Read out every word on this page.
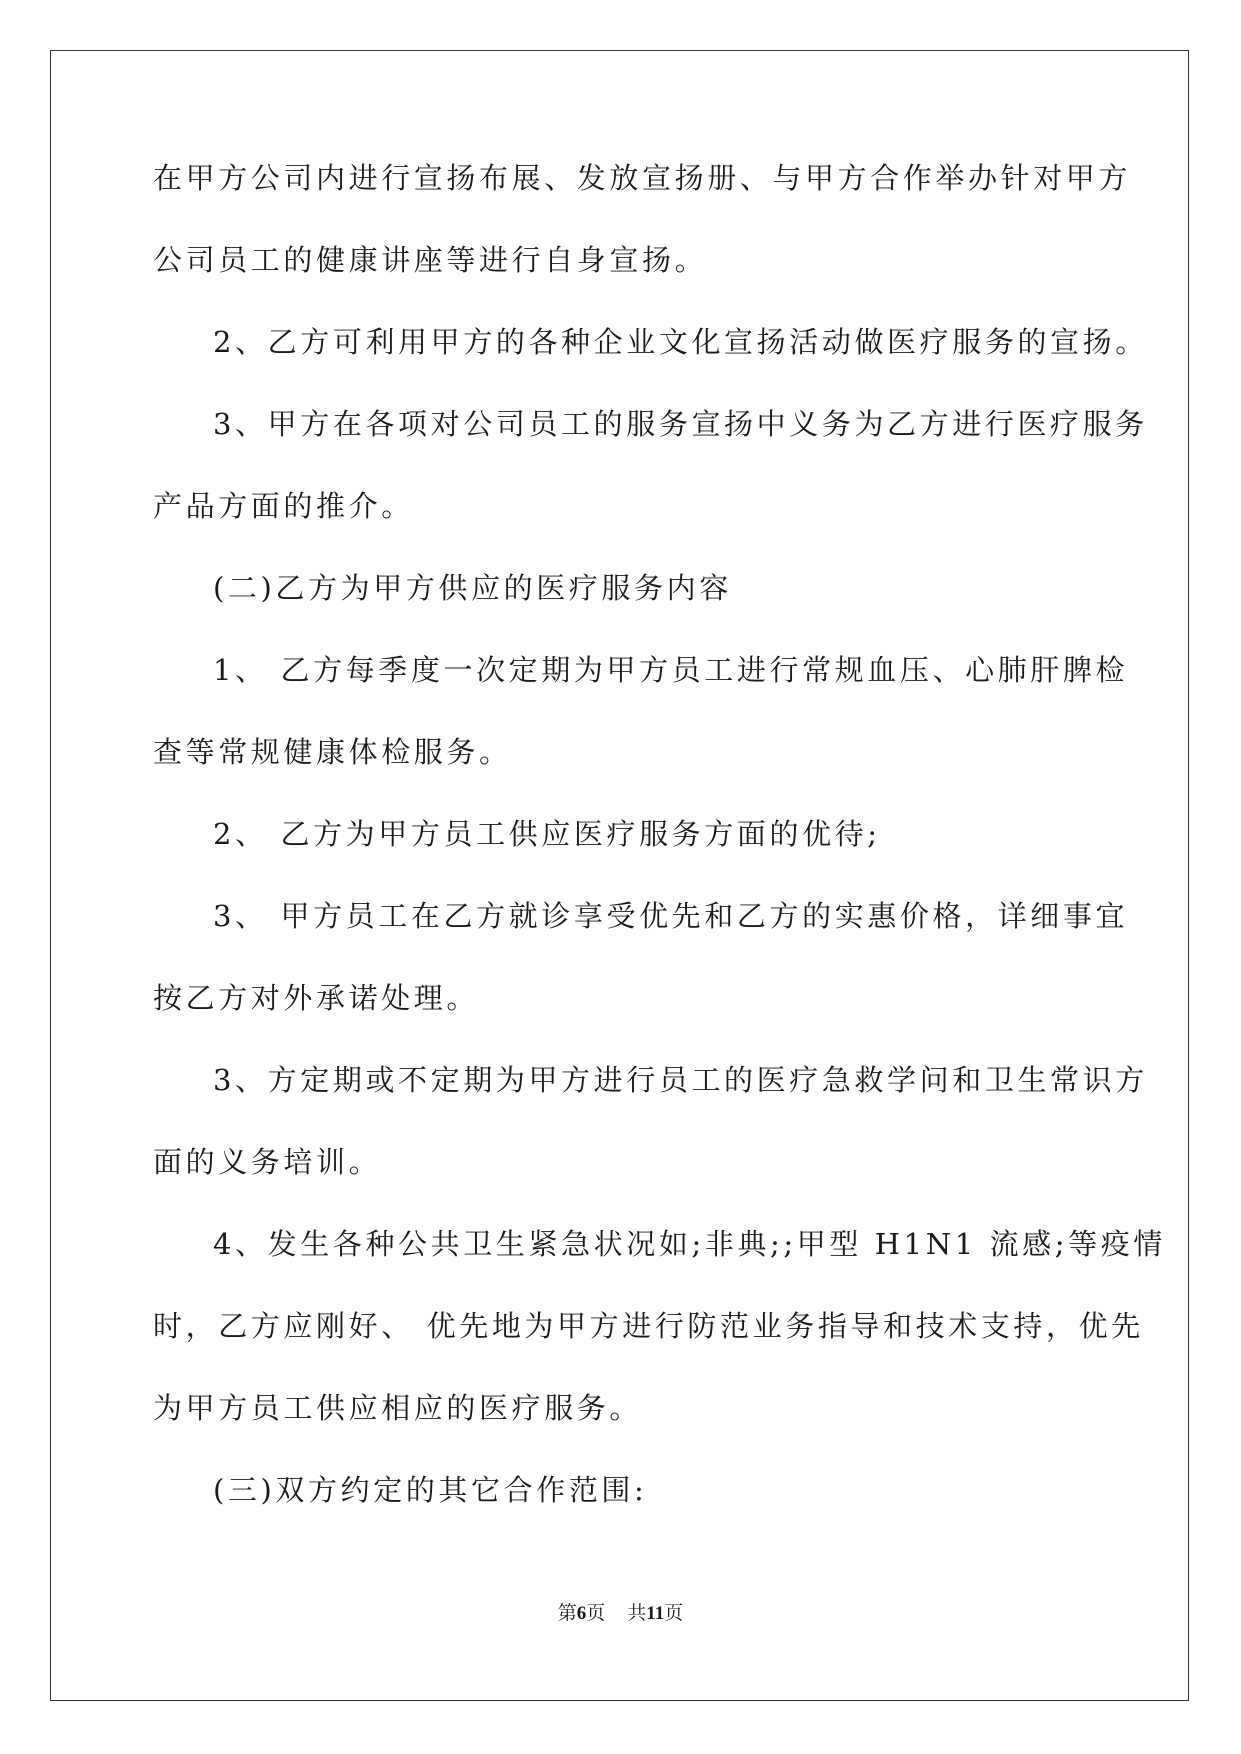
在甲方公司内进行宣扬布展、发放宣扬册、与甲方合作举办针对甲方
公司员工的健康讲座等进行自身宣扬。
2、乙方可利用甲方的各种企业文化宣扬活动做医疗服务的宣扬。
3、甲方在各项对公司员工的服务宣扬中义务为乙方进行医疗服务
产品方面的推介。
(二)乙方为甲方供应的医疗服务内容
1、 乙方每季度一次定期为甲方员工进行常规血压、心肺肝脾检
查等常规健康体检服务。
2、 乙方为甲方员工供应医疗服务方面的优待;
3、 甲方员工在乙方就诊享受优先和乙方的实惠价格，详细事宜
按乙方对外承诺处理。
3、方定期或不定期为甲方进行员工的医疗急救学问和卫生常识方
面的义务培训。
4、发生各种公共卫生紧急状况如;非典;;甲型 H1N1 流感;等疫情
时，乙方应刚好、 优先地为甲方进行防范业务指导和技术支持，优先
为甲方员工供应相应的医疗服务。
(三)双方约定的其它合作范围:
第6页 共11页
